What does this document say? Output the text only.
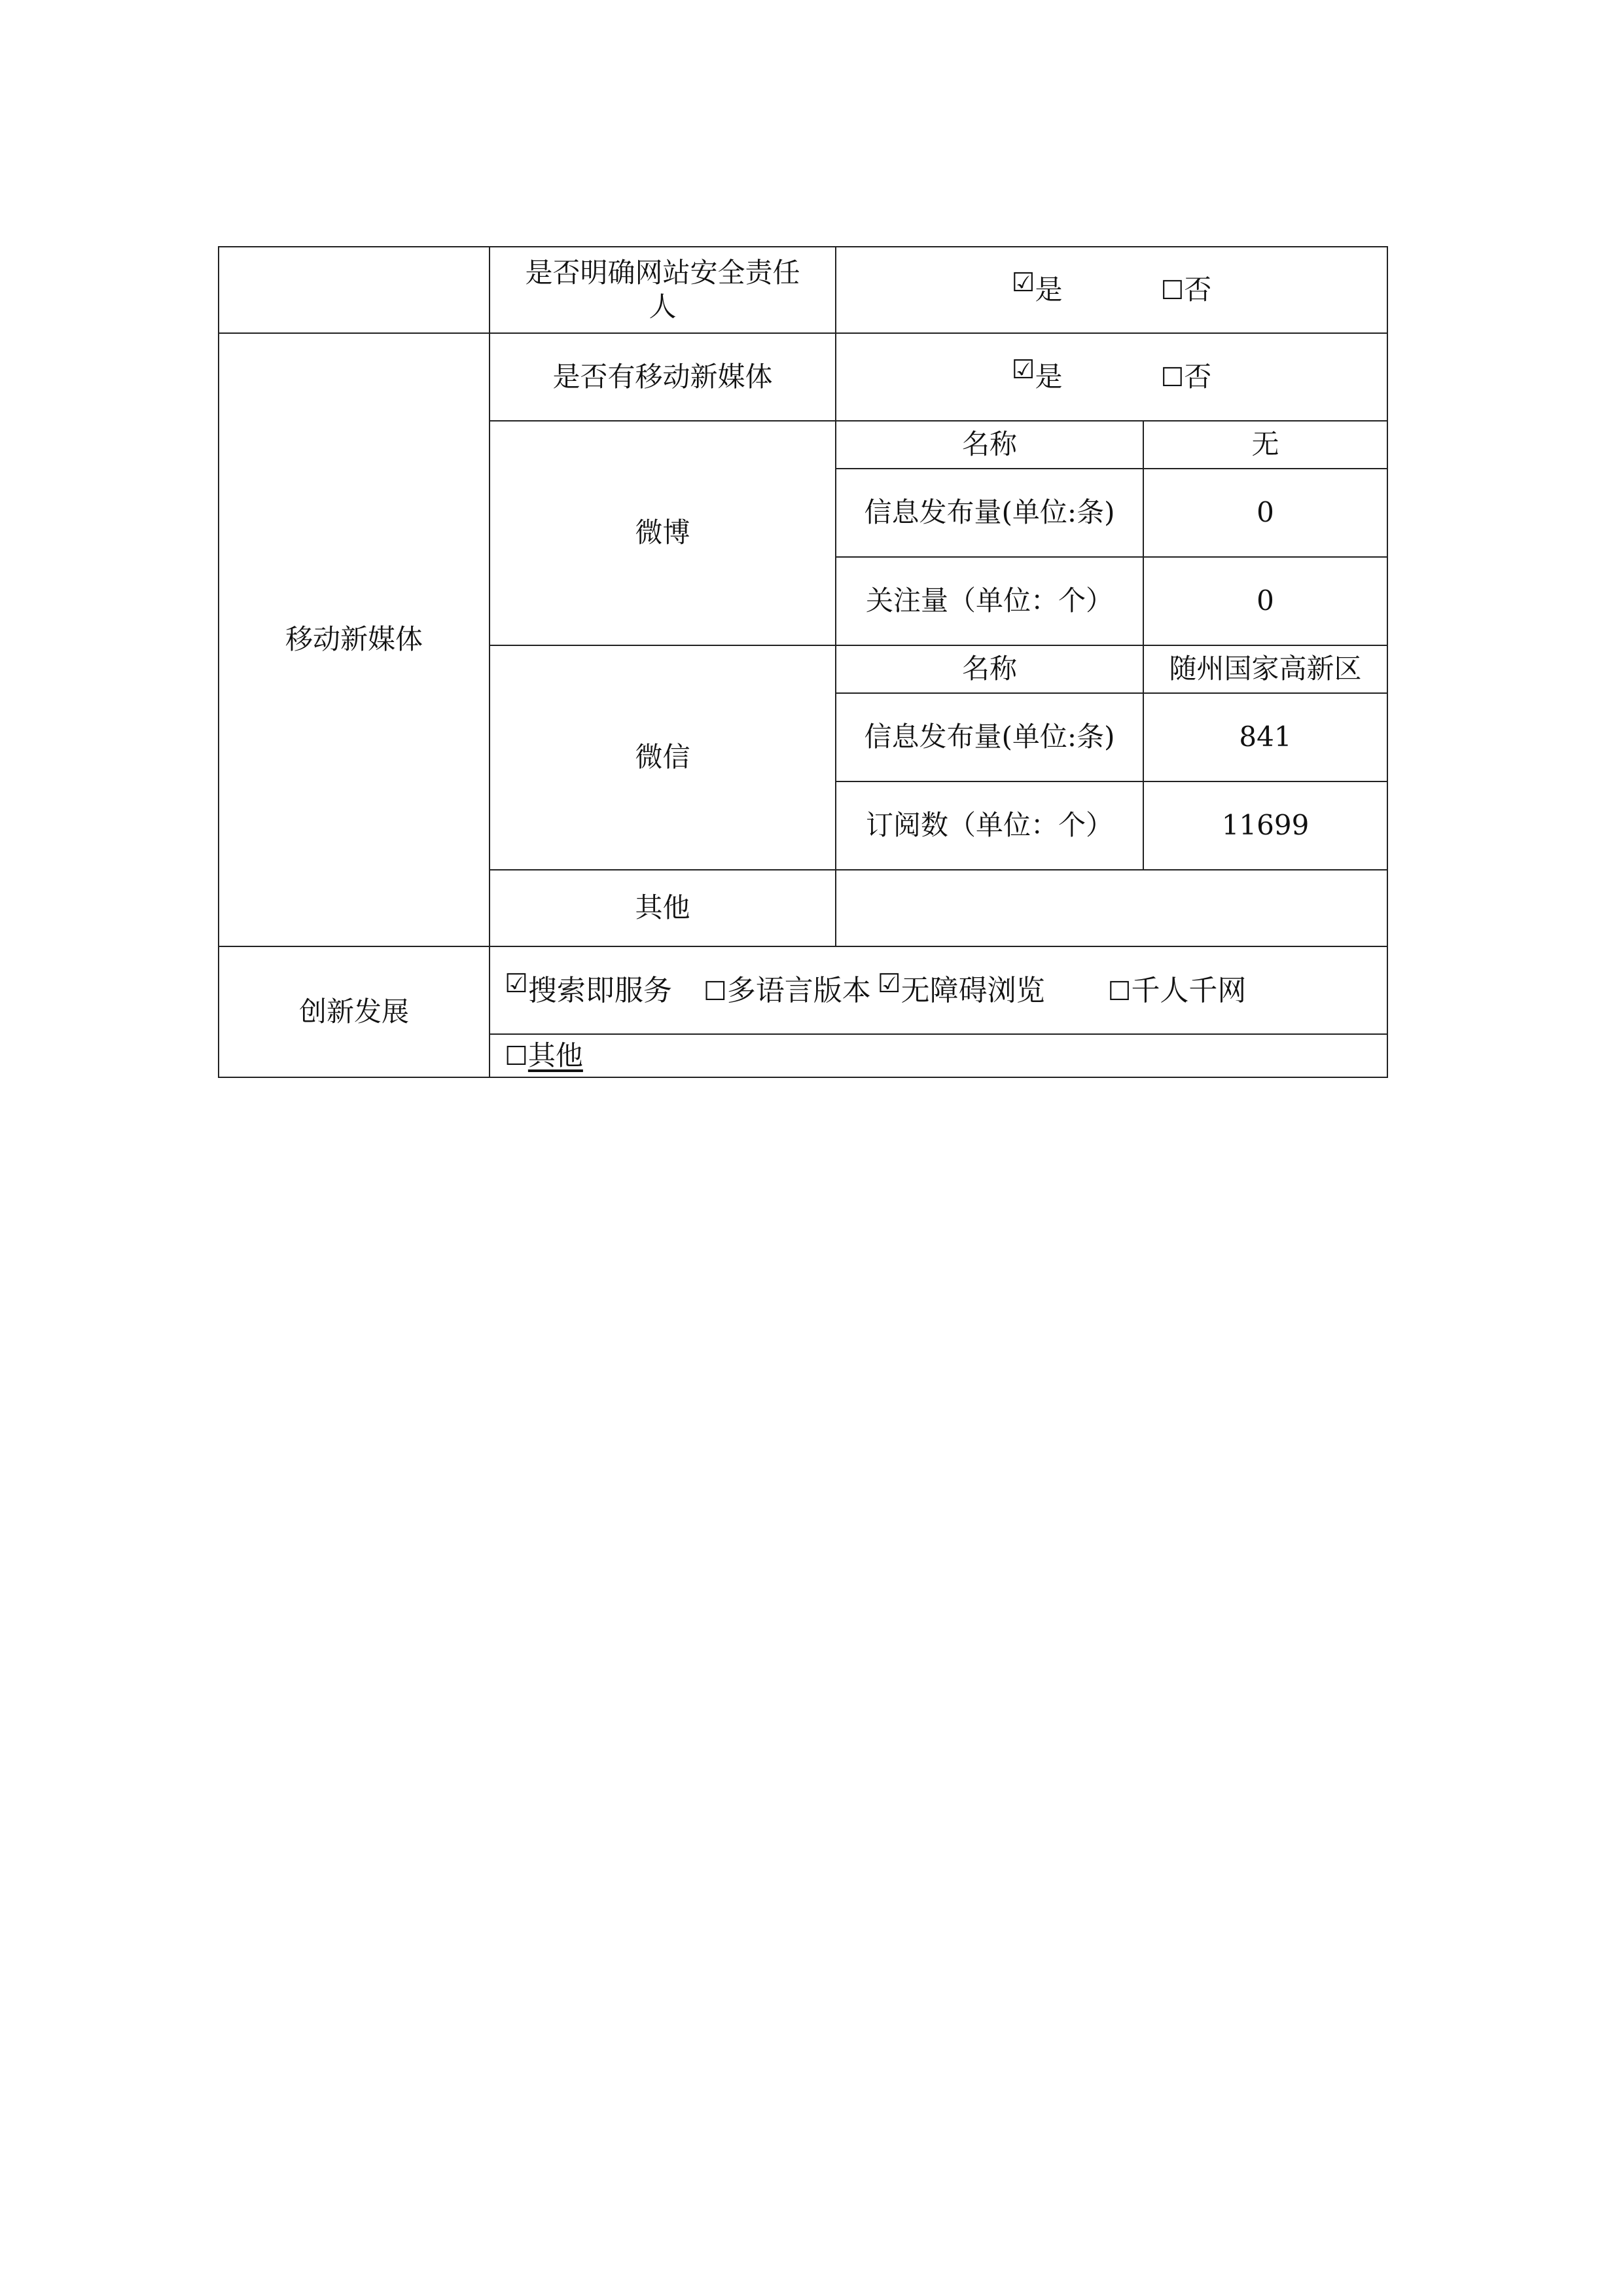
	是否明确网站安全责任人	☑是 ☐否	
移动新媒体	是否有移动新媒体	☑是 ☐否	
	微博	名称	无
		信息发布量(单位:条)	0
		关注量（单位：个）	0
	微信	名称	随州国家高新区
		信息发布量(单位:条)	841
		订阅数（单位：个）	11699
	其他		
创新发展	☑搜索即服务 ☐多语言版本 ☑无障碍浏览 ☐千人千网		
	☐其他		
